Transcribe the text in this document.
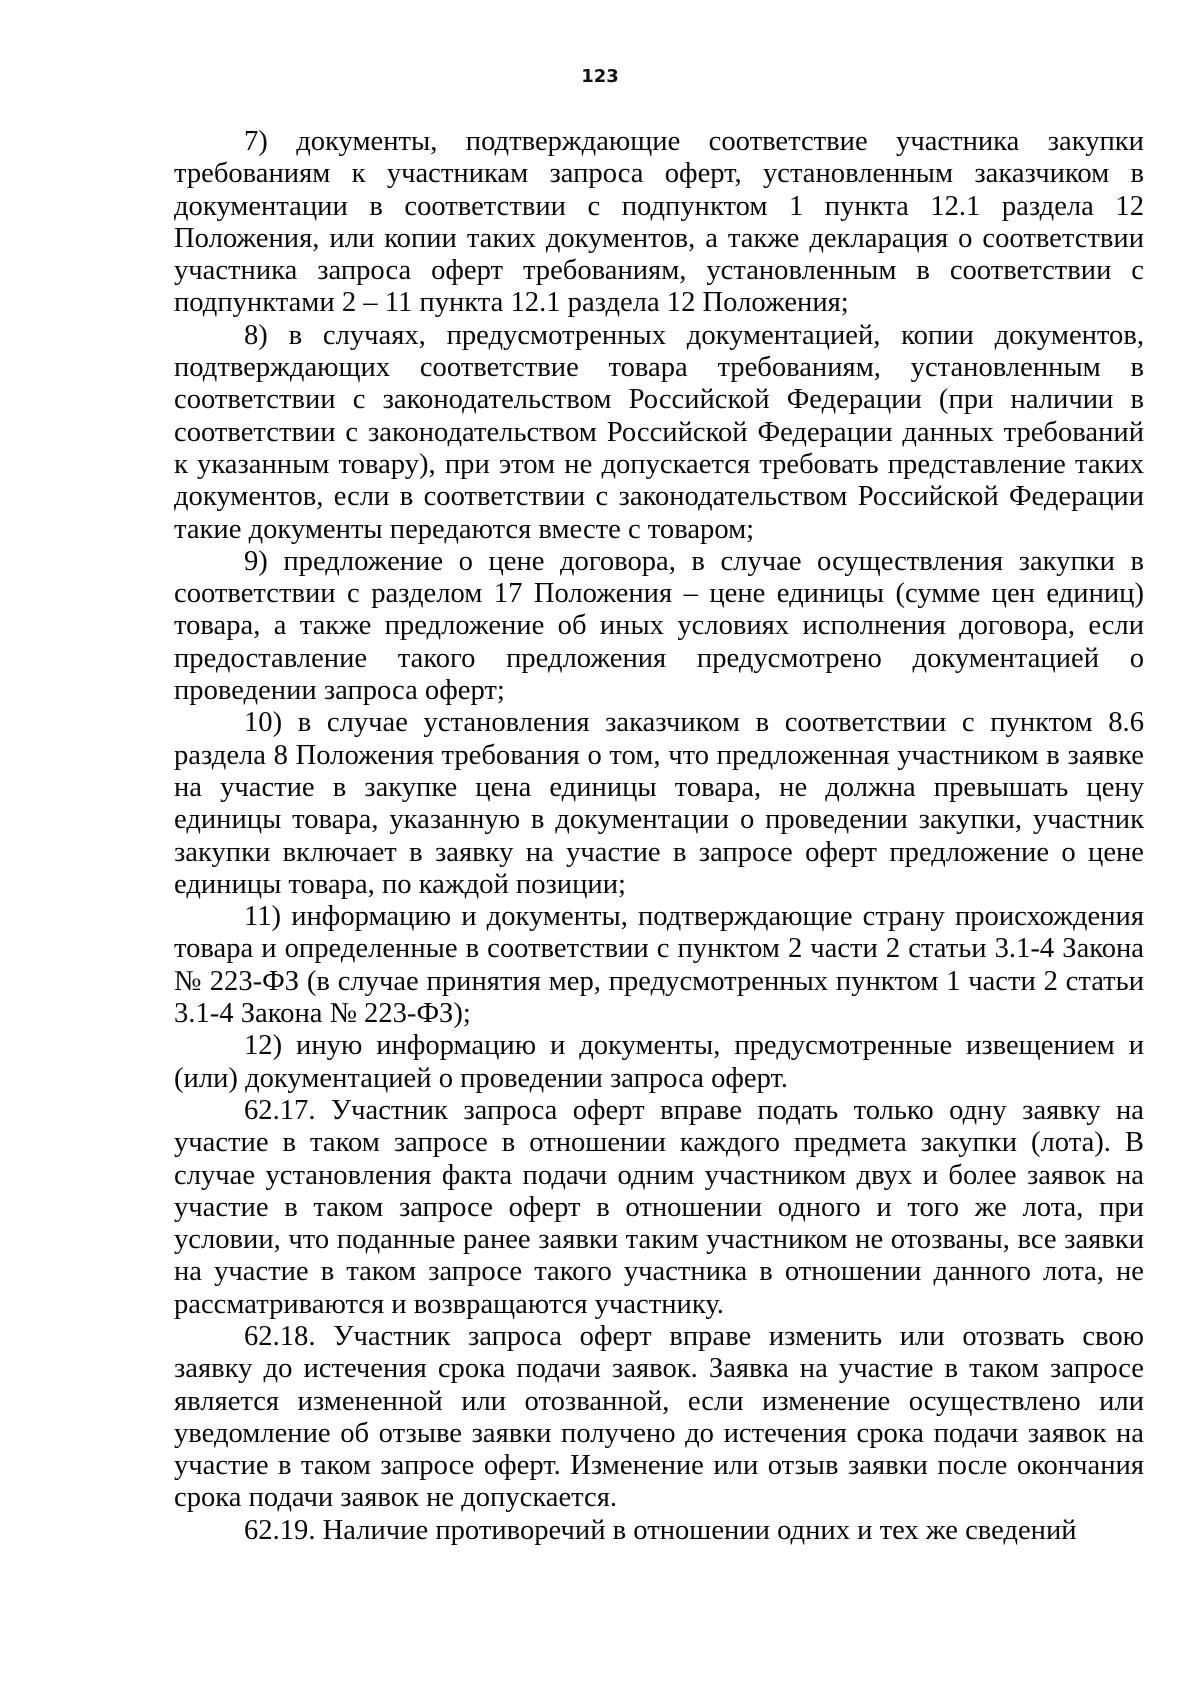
123

7) документы, подтверждающие соответствие участника закупки требованиям к участникам запроса оферт, установленным заказчиком в документации в соответствии с подпунктом 1 пункта 12.1 раздела 12 Положения, или копии таких документов, а также декларация о соответствии участника запроса оферт требованиям, установленным в соответствии с подпунктами 2 – 11 пункта 12.1 раздела 12 Положения;

8) в случаях, предусмотренных документацией, копии документов, подтверждающих соответствие товара требованиям, установленным в соответствии с законодательством Российской Федерации (при наличии в соответствии с законодательством Российской Федерации данных требований к указанным товару), при этом не допускается требовать представление таких документов, если в соответствии с законодательством Российской Федерации такие документы передаются вместе с товаром;

9) предложение о цене договора, в случае осуществления закупки в соответствии с разделом 17 Положения – цене единицы (сумме цен единиц) товара, а также предложение об иных условиях исполнения договора, если предоставление такого предложения предусмотрено документацией о проведении запроса оферт;

10) в случае установления заказчиком в соответствии с пунктом 8.6 раздела 8 Положения требования о том, что предложенная участником в заявке на участие в закупке цена единицы товара, не должна превышать цену единицы товара, указанную в документации о проведении закупки, участник закупки включает в заявку на участие в запросе оферт предложение о цене единицы товара, по каждой позиции;

11) информацию и документы, подтверждающие страну происхождения товара и определенные в соответствии с пунктом 2 части 2 статьи 3.1-4 Закона № 223-ФЗ (в случае принятия мер, предусмотренных пунктом 1 части 2 статьи 3.1-4 Закона № 223-ФЗ);

12) иную информацию и документы, предусмотренные извещением и (или) документацией о проведении запроса оферт.

62.17. Участник запроса оферт вправе подать только одну заявку на участие в таком запросе в отношении каждого предмета закупки (лота). В случае установления факта подачи одним участником двух и более заявок на участие в таком запросе оферт в отношении одного и того же лота, при условии, что поданные ранее заявки таким участником не отозваны, все заявки на участие в таком запросе такого участника в отношении данного лота, не рассматриваются и возвращаются участнику.

62.18. Участник запроса оферт вправе изменить или отозвать свою заявку до истечения срока подачи заявок. Заявка на участие в таком запросе является измененной или отозванной, если изменение осуществлено или уведомление об отзыве заявки получено до истечения срока подачи заявок на участие в таком запросе оферт. Изменение или отзыв заявки после окончания срока подачи заявок не допускается.

62.19. Наличие противоречий в отношении одних и тех же сведений
